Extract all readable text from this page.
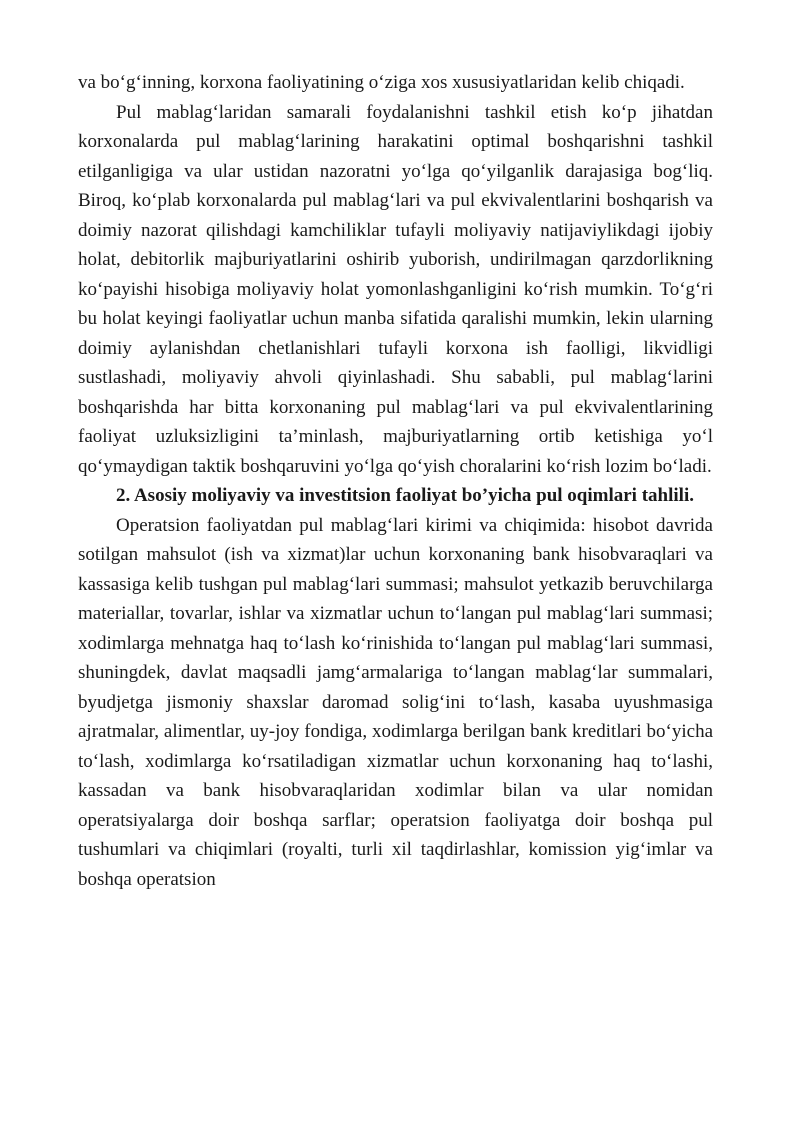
va bo‘g‘inning, korxona faoliyatining o‘ziga xos xususiyatlaridan kelib chiqadi.

Pul mablag‘laridan samarali foydalanishni tashkil etish ko‘p jihatdan korxonalarda pul mablag‘larining harakatini optimal boshqarishni tashkil etilganligiga va ular ustidan nazoratni yo‘lga qo‘yilganlik darajasiga bog‘liq. Biroq, ko‘plab korxonalarda pul mablag‘lari va pul ekvivalentlarini boshqarish va doimiy nazorat qilishdagi kamchiliklar tufayli moliyaviy natijaviylikdagi ijobiy holat, debitorlik majburiyatlarini oshirib yuborish, undirilmagan qarzdorlikning ko‘payishi hisobiga moliyaviy holat yomonlashganligini ko‘rish mumkin. To‘g‘ri bu holat keyingi faoliyatlar uchun manba sifatida qaralishi mumkin, lekin ularning doimiy aylanishdan chetlanishlari tufayli korxona ish faolligi, likvidligi sustlashadi, moliyaviy ahvoli qiyinlashadi. Shu sababli, pul mablag‘larini boshqarishda har bitta korxonaning pul mablag‘lari va pul ekvivalentlarining faoliyat uzluksizligini ta’minlash, majburiyatlarning ortib ketishiga yo‘l qo‘ymaydigan taktik boshqaruvini yo‘lga qo‘yish choralarini ko‘rish lozim bo‘ladi.

2. Asosiy moliyaviy va investitsion faoliyat bo’yicha pul oqimlari tahlili.

Operatsion faoliyatdan pul mablag‘lari kirimi va chiqimida: hisobot davrida sotilgan mahsulot (ish va xizmat)lar uchun korxonaning bank hisobvaraqlari va kassasiga kelib tushgan pul mablag‘lari summasi; mahsulot yetkazib beruvchilarga materiallar, tovarlar, ishlar va xizmatlar uchun to‘langan pul mablag‘lari summasi; xodimlarga mehnatga haq to‘lash ko‘rinishida to‘langan pul mablag‘lari summasi, shuningdek, davlat maqsadli jamg‘armalariga to‘langan mablag‘lar summalari, byudjetga jismoniy shaxslar daromad solig‘ini to‘lash, kasaba uyushmasiga ajratmalar, alimentlar, uy-joy fondiga, xodimlarga berilgan bank kreditlari bo‘yicha to‘lash, xodimlarga ko‘rsatiladigan xizmatlar uchun korxonaning haq to‘lashi, kassadan va bank hisobvaraqlaridan xodimlar bilan va ular nomidan operatsiyalarga doir boshqa sarflar; operatsion faoliyatga doir boshqa pul tushumlari va chiqimlari (royalti, turli xil taqdirlashlar, komission yig‘imlar va boshqa operatsion
